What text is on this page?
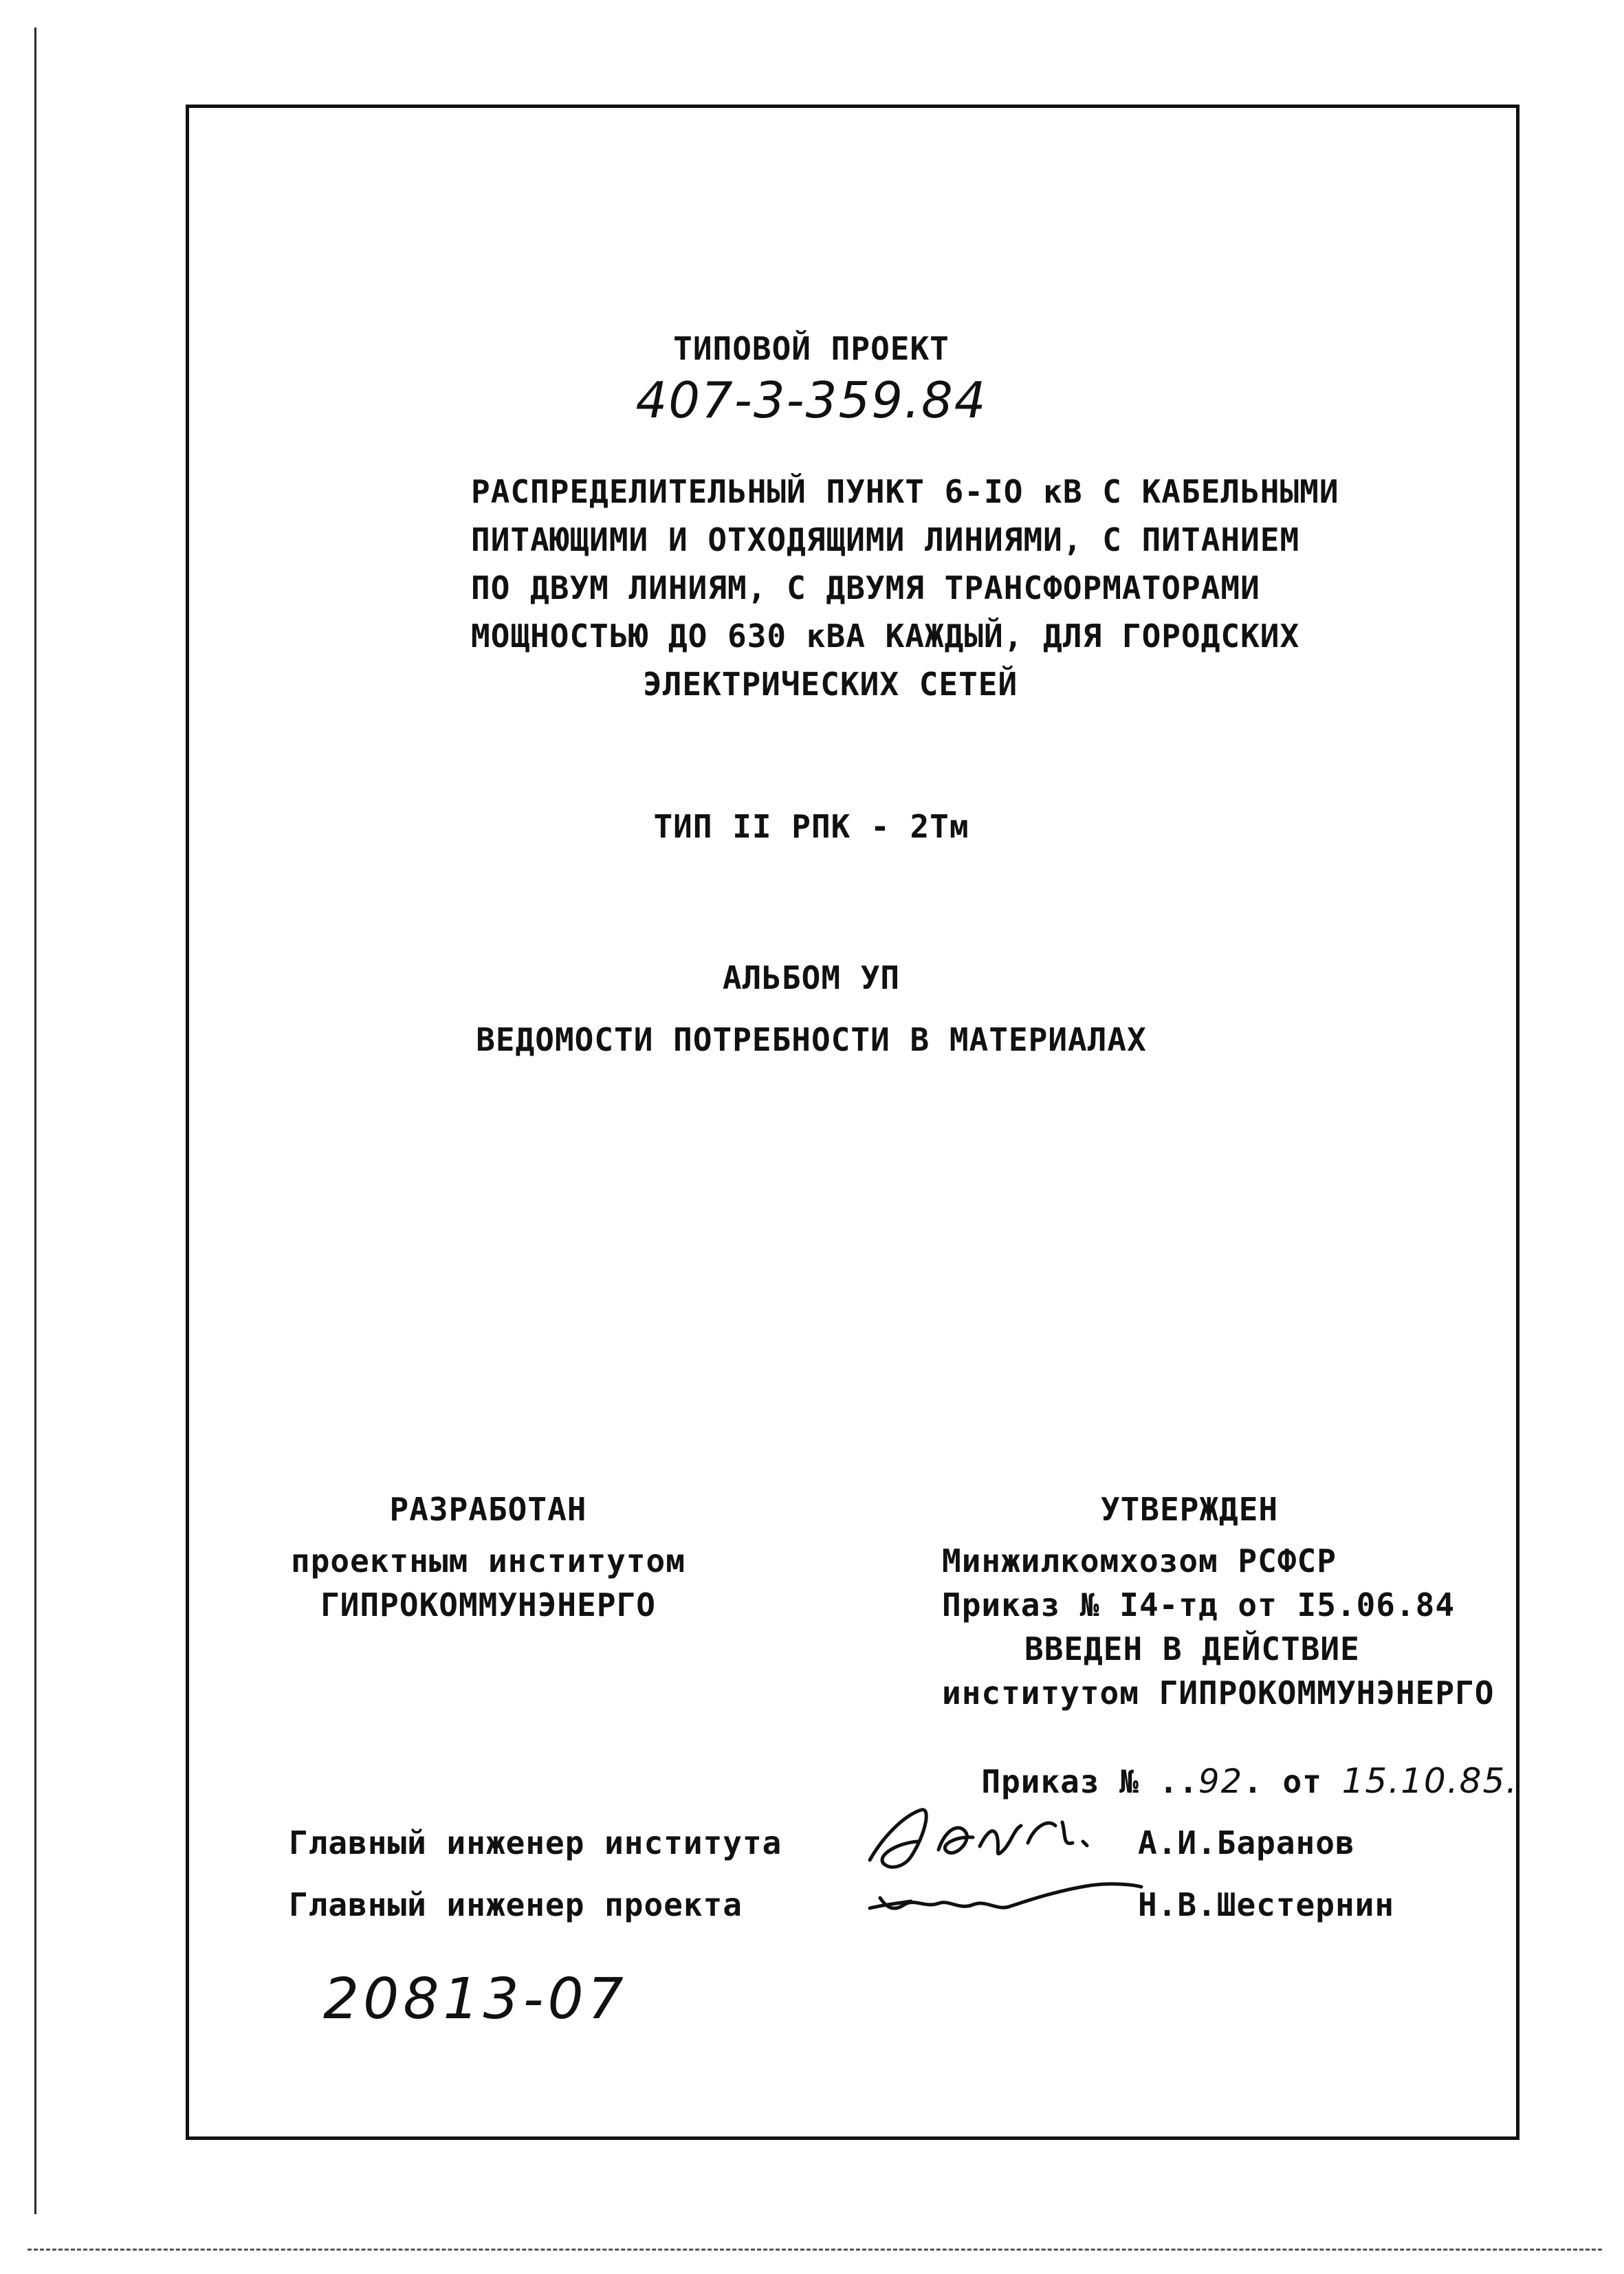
ТИПОВОЙ ПРОЕКТ
407-3-359.84
РАСПРЕДЕЛИТЕЛЬНЫЙ ПУНКТ 6-IO кВ С КАБЕЛЬНЫМИ
ПИТАЮЩИМИ И ОТХОДЯЩИМИ ЛИНИЯМИ, С ПИТАНИЕМ
ПО ДВУМ ЛИНИЯМ, С ДВУМЯ ТРАНСФОРМАТОРАМИ
МОЩНОСТЬЮ ДО 630 кВА КАЖДЫЙ, ДЛЯ ГОРОДСКИХ
ЭЛЕКТРИЧЕСКИХ СЕТЕЙ
ТИП II РПК - 2Тм
АЛЬБОМ УП
ВЕДОМОСТИ ПОТРЕБНОСТИ В МАТЕРИАЛАХ
РАЗРАБОТАН
проектным институтом
ГИПРОКОММУНЭНЕРГО
УТВЕРЖДЕН
Минжилкомхозом РСФСР
Приказ № I4-тд от I5.06.84
ВВЕДЕН В ДЕЙСТВИЕ
институтом ГИПРОКОММУНЭНЕРГО

Приказ № ..92. от 15.10.85.

Главный инженер института	А.И.Баранов
Главный инженер проекта	Н.В.Шестернин
20813-07
